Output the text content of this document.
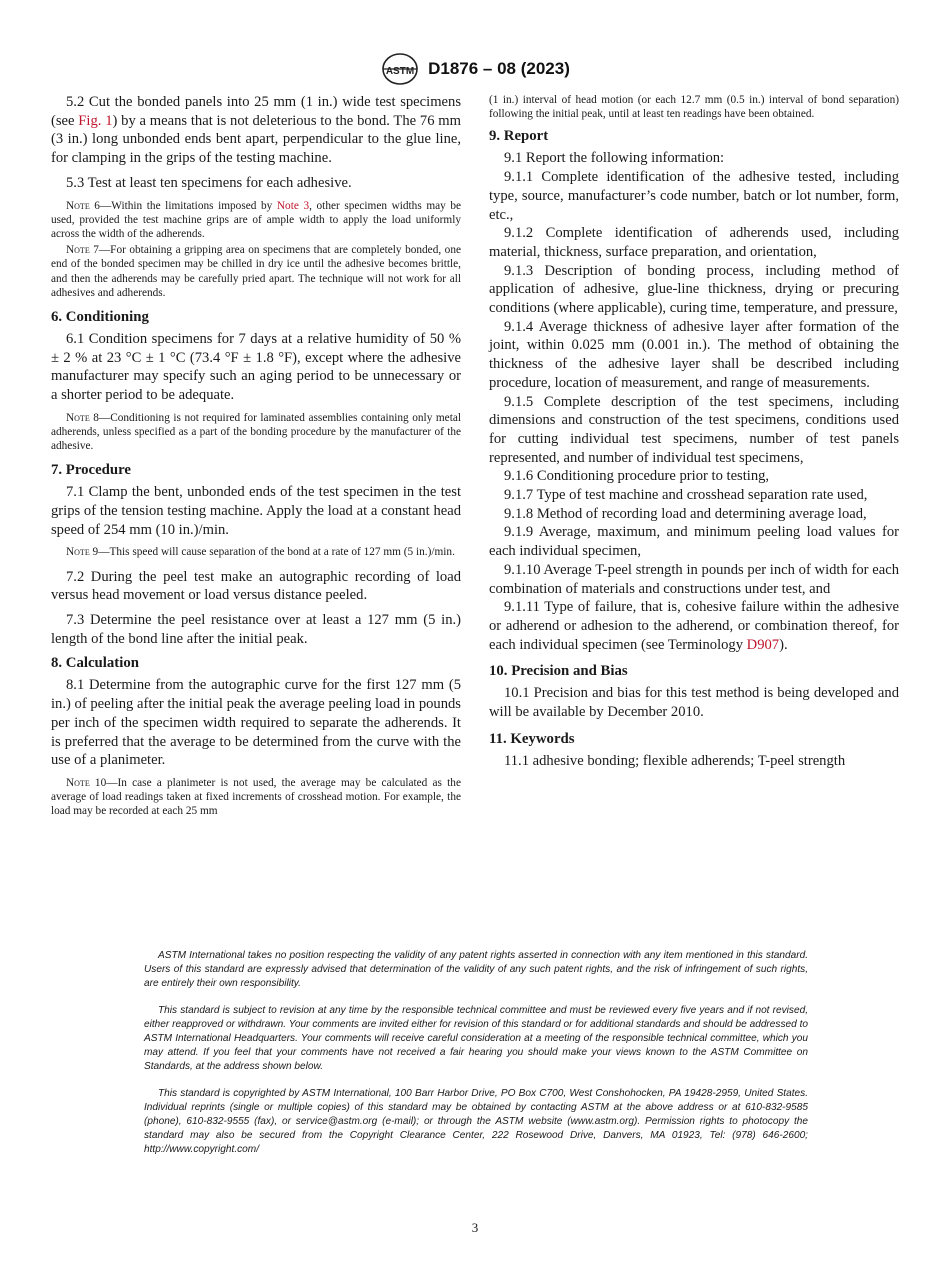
ASTM D1876 – 08 (2023)

5.2 Cut the bonded panels into 25 mm (1 in.) wide test specimens (see Fig. 1) by a means that is not deleterious to the bond. The 76 mm (3 in.) long unbonded ends bent apart, perpendicular to the glue line, for clamping in the grips of the testing machine.

5.3 Test at least ten specimens for each adhesive.

Note 6—Within the limitations imposed by Note 3, other specimen widths may be used, provided the test machine grips are of ample width to apply the load uniformly across the width of the adherends.

Note 7—For obtaining a gripping area on specimens that are completely bonded, one end of the bonded specimen may be chilled in dry ice until the adhesive becomes brittle, and then the adherends may be carefully pried apart. The technique will not work for all adhesives and adherends.

6. Conditioning

6.1 Condition specimens for 7 days at a relative humidity of 50 % ± 2 % at 23 °C ± 1 °C (73.4 °F ± 1.8 °F), except where the adhesive manufacturer may specify such an aging period to be unnecessary or a shorter period to be adequate.

Note 8—Conditioning is not required for laminated assemblies containing only metal adherends, unless specified as a part of the bonding procedure by the manufacturer of the adhesive.

7. Procedure

7.1 Clamp the bent, unbonded ends of the test specimen in the test grips of the tension testing machine. Apply the load at a constant head speed of 254 mm (10 in.)/min.

Note 9—This speed will cause separation of the bond at a rate of 127 mm (5 in.)/min.

7.2 During the peel test make an autographic recording of load versus head movement or load versus distance peeled.

7.3 Determine the peel resistance over at least a 127 mm (5 in.) length of the bond line after the initial peak.

8. Calculation

8.1 Determine from the autographic curve for the first 127 mm (5 in.) of peeling after the initial peak the average peeling load in pounds per inch of the specimen width required to separate the adherends. It is preferred that the average to be determined from the curve with the use of a planimeter.

Note 10—In case a planimeter is not used, the average may be calculated as the average of load readings taken at fixed increments of crosshead motion. For example, the load may be recorded at each 25 mm

(1 in.) interval of head motion (or each 12.7 mm (0.5 in.) interval of bond separation) following the initial peak, until at least ten readings have been obtained.

9. Report

9.1 Report the following information:

9.1.1 Complete identification of the adhesive tested, including type, source, manufacturer’s code number, batch or lot number, form, etc.,

9.1.2 Complete identification of adherends used, including material, thickness, surface preparation, and orientation,

9.1.3 Description of bonding process, including method of application of adhesive, glue-line thickness, drying or precuring conditions (where applicable), curing time, temperature, and pressure,

9.1.4 Average thickness of adhesive layer after formation of the joint, within 0.025 mm (0.001 in.). The method of obtaining the thickness of the adhesive layer shall be described including procedure, location of measurement, and range of measurements.

9.1.5 Complete description of the test specimens, including dimensions and construction of the test specimens, conditions used for cutting individual test specimens, number of test panels represented, and number of individual test specimens,

9.1.6 Conditioning procedure prior to testing,

9.1.7 Type of test machine and crosshead separation rate used,

9.1.8 Method of recording load and determining average load,

9.1.9 Average, maximum, and minimum peeling load values for each individual specimen,

9.1.10 Average T-peel strength in pounds per inch of width for each combination of materials and constructions under test, and

9.1.11 Type of failure, that is, cohesive failure within the adhesive or adherend or adhesion to the adherend, or combination thereof, for each individual specimen (see Terminology D907).

10. Precision and Bias

10.1 Precision and bias for this test method is being developed and will be available by December 2010.

11. Keywords

11.1 adhesive bonding; flexible adherends; T-peel strength

ASTM International takes no position respecting the validity of any patent rights asserted in connection with any item mentioned in this standard. Users of this standard are expressly advised that determination of the validity of any such patent rights, and the risk of infringement of such rights, are entirely their own responsibility.

This standard is subject to revision at any time by the responsible technical committee and must be reviewed every five years and if not revised, either reapproved or withdrawn. Your comments are invited either for revision of this standard or for additional standards and should be addressed to ASTM International Headquarters. Your comments will receive careful consideration at a meeting of the responsible technical committee, which you may attend. If you feel that your comments have not received a fair hearing you should make your views known to the ASTM Committee on Standards, at the address shown below.

This standard is copyrighted by ASTM International, 100 Barr Harbor Drive, PO Box C700, West Conshohocken, PA 19428-2959, United States. Individual reprints (single or multiple copies) of this standard may be obtained by contacting ASTM at the above address or at 610-832-9585 (phone), 610-832-9555 (fax), or service@astm.org (e-mail); or through the ASTM website (www.astm.org). Permission rights to photocopy the standard may also be secured from the Copyright Clearance Center, 222 Rosewood Drive, Danvers, MA 01923, Tel: (978) 646-2600; http://www.copyright.com/

3
